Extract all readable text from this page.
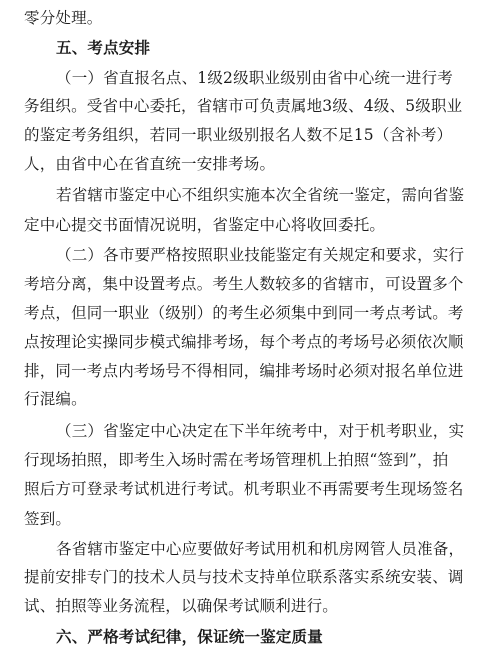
零分处理。
五、考点安排
（一）省直报名点、1级2级职业级别由省中心统一进行考
务组织。受省中心委托，省辖市可负责属地3级、4级、5级职业
的鉴定考务组织，若同一职业级别报名人数不足15（含补考）
人，由省中心在省直统一安排考场。
若省辖市鉴定中心不组织实施本次全省统一鉴定，需向省鉴
定中心提交书面情况说明，省鉴定中心将收回委托。
（二）各市要严格按照职业技能鉴定有关规定和要求，实行
考培分离，集中设置考点。考生人数较多的省辖市，可设置多个
考点，但同一职业（级别）的考生必须集中到同一考点考试。考
点按理论实操同步模式编排考场，每个考点的考场号必须依次顺
排，同一考点内考场号不得相同，编排考场时必须对报名单位进
行混编。
（三）省鉴定中心决定在下半年统考中，对于机考职业，实
行现场拍照，即考生入场时需在考场管理机上拍照“签到”，拍
照后方可登录考试机进行考试。机考职业不再需要考生现场签名
签到。
各省辖市鉴定中心应要做好考试用机和机房网管人员准备，
提前安排专门的技术人员与技术支持单位联系落实系统安装、调
试、拍照等业务流程，以确保考试顺利进行。
六、严格考试纪律，保证统一鉴定质量
